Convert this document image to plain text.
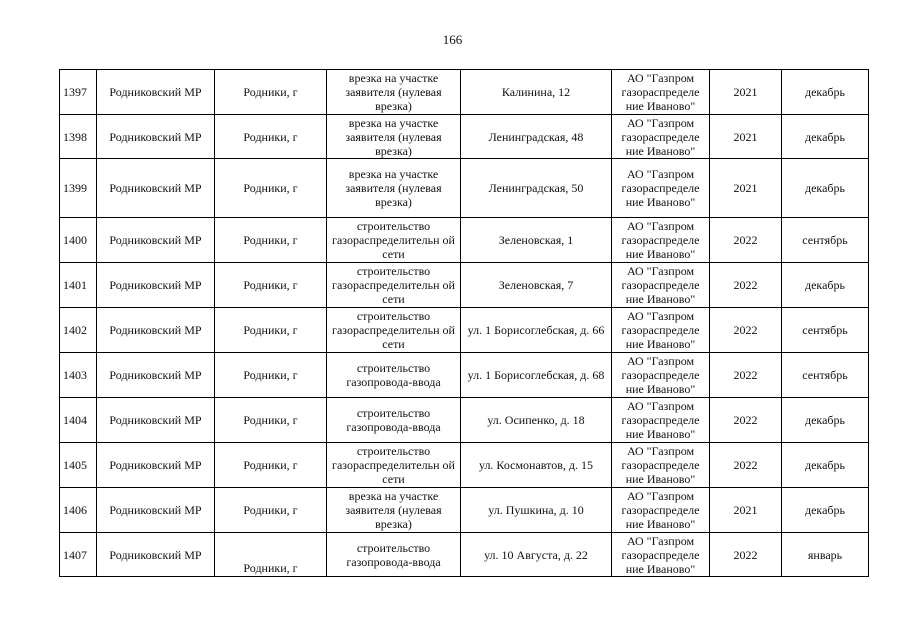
166
1397	Родниковский МР	Родники, г	врезка на участке заявителя (нулевая врезка)	Калинина, 12	АО "Газпром газораспределе ние Иваново"	2021	декабрь
1398	Родниковский МР	Родники, г	врезка на участке заявителя (нулевая врезка)	Ленинградская, 48	АО "Газпром газораспределе ние Иваново"	2021	декабрь
1399	Родниковский МР	Родники, г	врезка на участке заявителя (нулевая врезка)	Ленинградская, 50	АО "Газпром газораспределе ние Иваново"	2021	декабрь
1400	Родниковский МР	Родники, г	строительство газораспределительн ой сети	Зеленовская, 1	АО "Газпром газораспределе ние Иваново"	2022	сентябрь
1401	Родниковский МР	Родники, г	строительство газораспределительн ой сети	Зеленовская, 7	АО "Газпром газораспределе ние Иваново"	2022	декабрь
1402	Родниковский МР	Родники, г	строительство газораспределительн ой сети	ул. 1 Борисоглебская, д. 66	АО "Газпром газораспределе ние Иваново"	2022	сентябрь
1403	Родниковский МР	Родники, г	строительство газопровода-ввода	ул. 1 Борисоглебская, д. 68	АО "Газпром газораспределе ние Иваново"	2022	сентябрь
1404	Родниковский МР	Родники, г	строительство газопровода-ввода	ул. Осипенко, д. 18	АО "Газпром газораспределе ние Иваново"	2022	декабрь
1405	Родниковский МР	Родники, г	строительство газораспределительн ой сети	ул. Космонавтов, д. 15	АО "Газпром газораспределе ние Иваново"	2022	декабрь
1406	Родниковский МР	Родники, г	врезка на участке заявителя (нулевая врезка)	ул. Пушкина, д. 10	АО "Газпром газораспределе ние Иваново"	2021	декабрь
1407	Родниковский МР	Родники, г	строительство газопровода-ввода	ул. 10 Августа, д. 22	АО "Газпром газораспределе ние Иваново"	2022	январь
